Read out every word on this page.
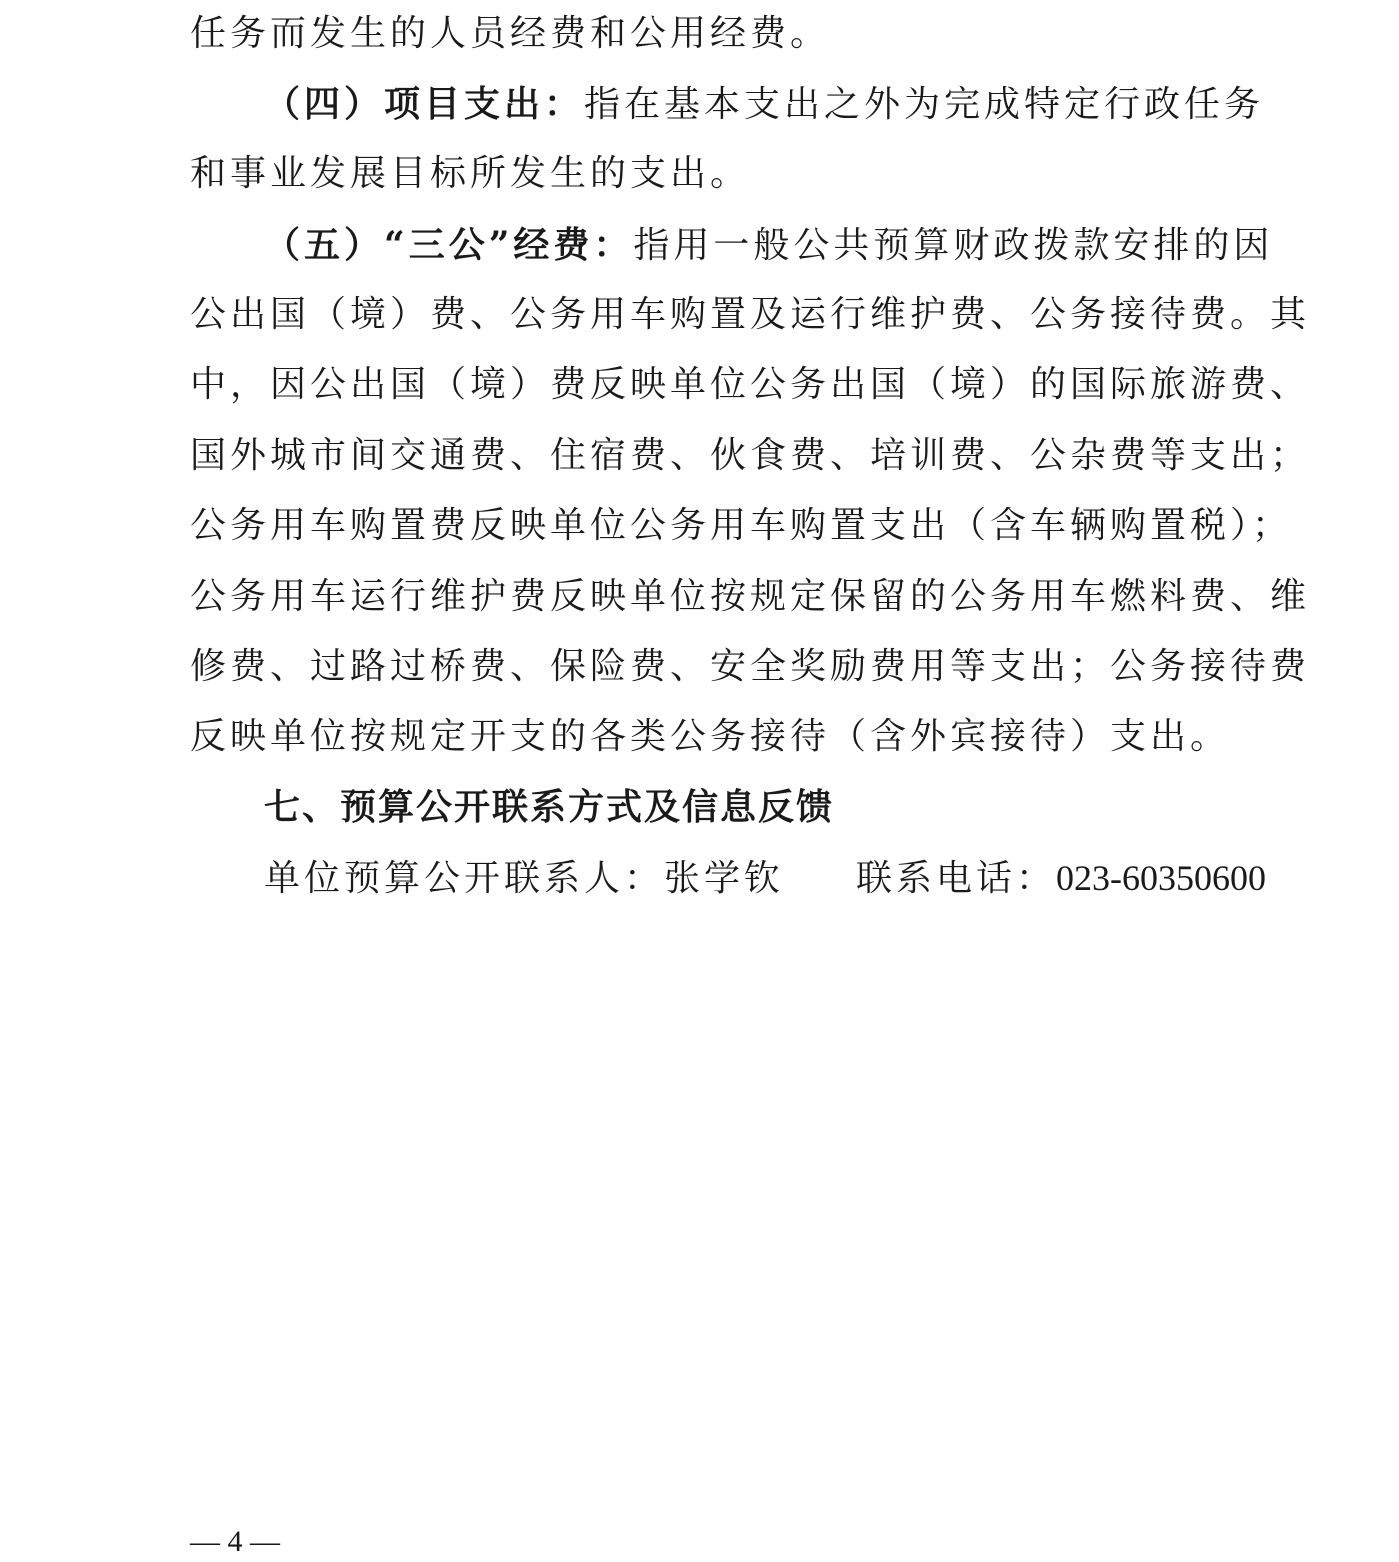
任务而发生的人员经费和公用经费。
（四）项目支出：指在基本支出之外为完成特定行政任务
和事业发展目标所发生的支出。
（五）“三公”经费：指用一般公共预算财政拨款安排的因
公出国（境）费、公务用车购置及运行维护费、公务接待费。其
中，因公出国（境）费反映单位公务出国（境）的国际旅游费、
国外城市间交通费、住宿费、伙食费、培训费、公杂费等支出；
公务用车购置费反映单位公务用车购置支出（含车辆购置税）；
公务用车运行维护费反映单位按规定保留的公务用车燃料费、维
修费、过路过桥费、保险费、安全奖励费用等支出；公务接待费
反映单位按规定开支的各类公务接待（含外宾接待）支出。
七、预算公开联系方式及信息反馈
单位预算公开联系人：张学钦 联系电话：023-60350600
— 4 —
